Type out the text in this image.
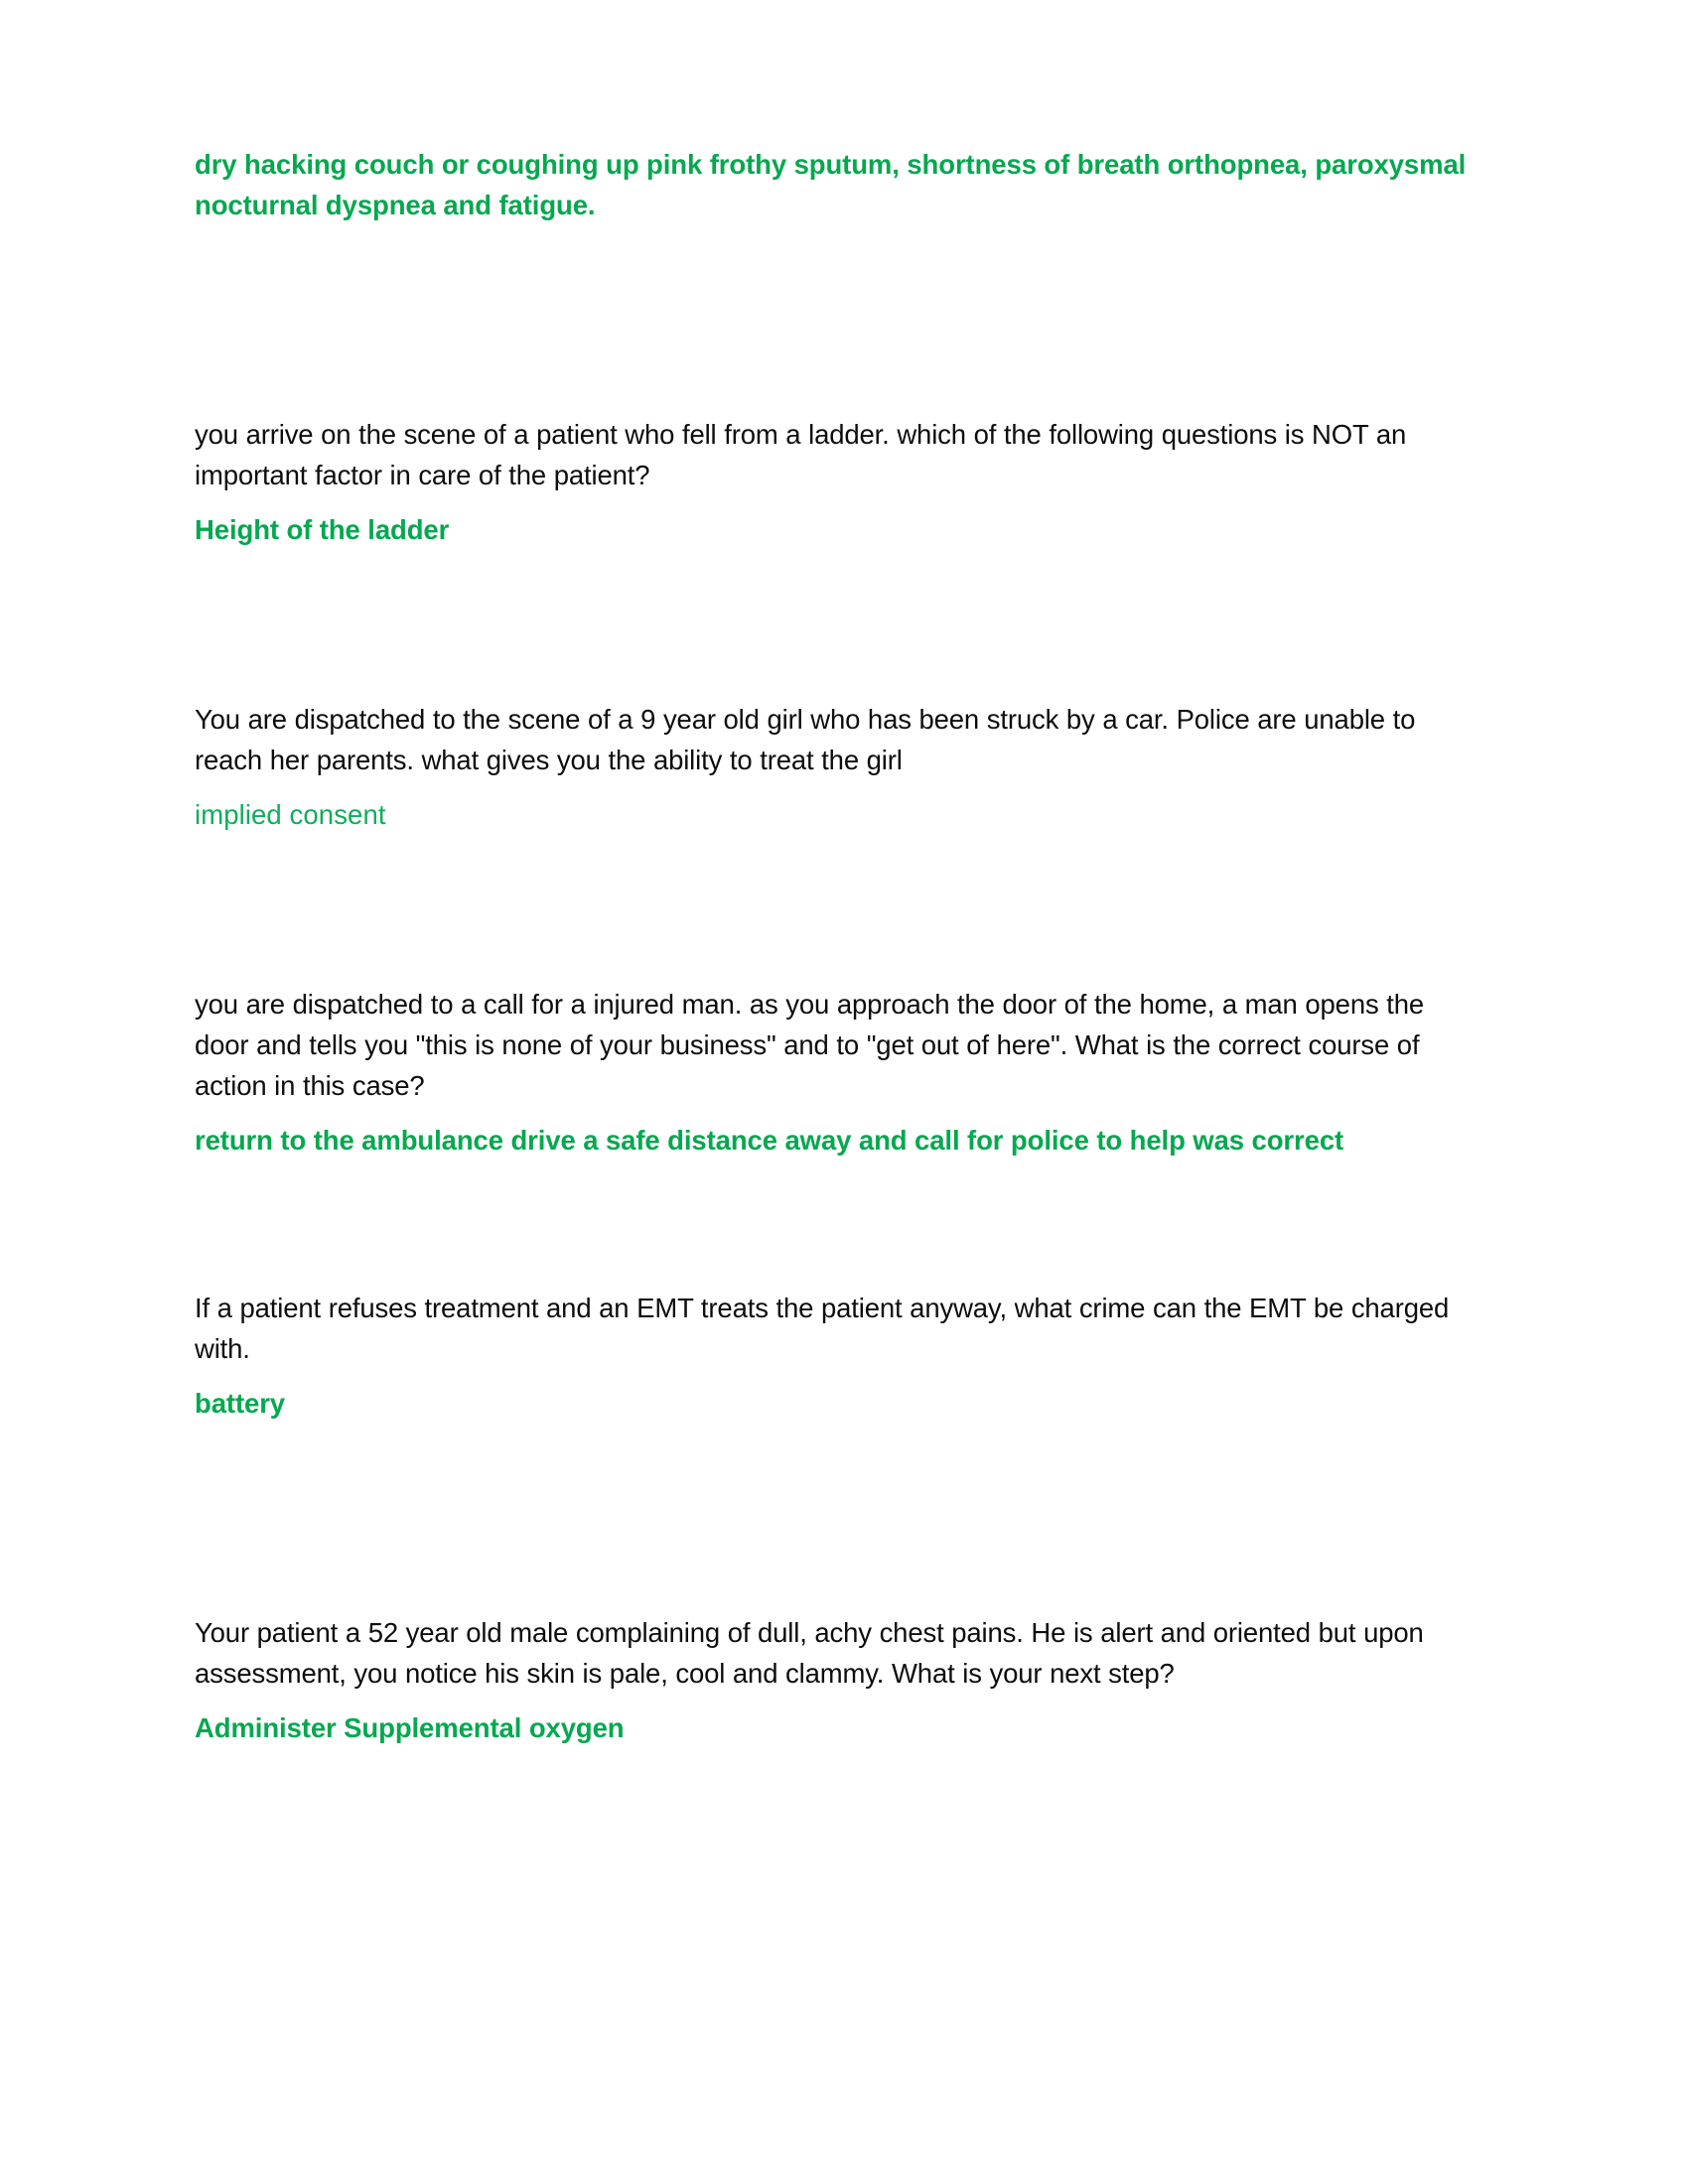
dry hacking couch or coughing up pink frothy sputum, shortness of breath orthopnea, paroxysmal nocturnal dyspnea and fatigue.

you arrive on the scene of a patient who fell from a ladder. which of the following questions is NOT an important factor in care of the patient?

Height of the ladder

You are dispatched to the scene of a 9 year old girl who has been struck by a car. Police are unable to reach her parents. what gives you the ability to treat the girl

implied consent

you are dispatched to a call for a injured man. as you approach the door of the home, a man opens the door and tells you "this is none of your business" and to "get out of here". What is the correct course of action in this case?

return to the ambulance drive a safe distance away and call for police to help was correct

If a patient refuses treatment and an EMT treats the patient anyway, what crime can the EMT be charged with.

battery

Your patient a 52 year old male complaining of dull, achy chest pains. He is alert and oriented but upon assessment, you notice his skin is pale, cool and clammy. What is your next step?

Administer Supplemental oxygen
